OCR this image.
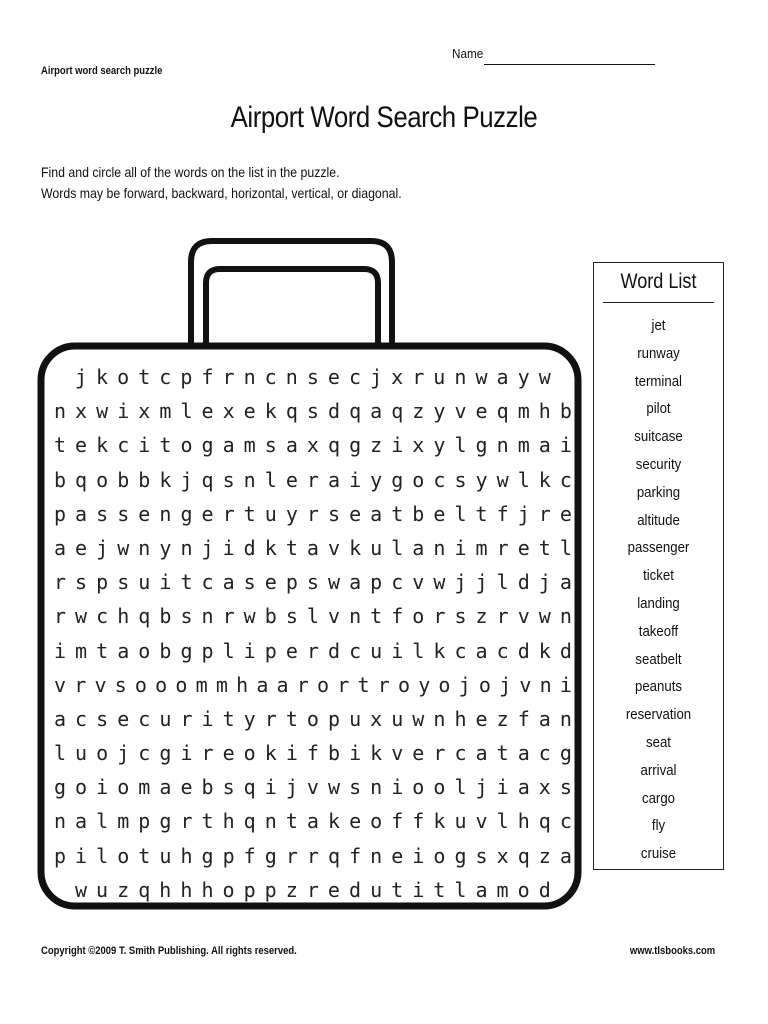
Airport word search puzzle
Name
Airport Word Search Puzzle
Find and circle all of the words on the list in the puzzle.
Words may be forward, backward, horizontal, vertical, or diagonal.
j k o t c p f r n c n s e c j x r u n w a y w
n x w i x m l e x e k q s d q a q z y v e q m h b
t e k c i t o g a m s a x q g z i x y l g n m a i
b q o b b k j q s n l e r a i y g o c s y w l k c
p a s s e n g e r t u y r s e a t b e l t f j r e
a e j w n y n j i d k t a v k u l a n i m r e t l
r s p s u i t c a s e p s w a p c v w j j l d j a
r w c h q b s n r w b s l v n t f o r s z r v w n
i m t a o b g p l i p e r d c u i l k c a c d k d
v r v s o o o m m h a a r o r t r o y o j o j v n i
a c s e c u r i t y r t o p u x u w n h e z f a n
l u o j c g i r e o k i f b i k v e r c a t a c g
g o i o m a e b s q i j v w s n i o o l j i a x s
n a l m p g r t h q n t a k e o f f k u v l h q c
p i l o t u h g p f g r r q f n e i o g s x q z a
w u z q h h h o p p z r e d u t i t l a m o d
Word List
jet
runway
terminal
pilot
suitcase
security
parking
altitude
passenger
ticket
landing
takeoff
seatbelt
peanuts
reservation
seat
arrival
cargo
fly
cruise
Copyright ©2009 T. Smith Publishing. All rights reserved.	www.tlsbooks.com
